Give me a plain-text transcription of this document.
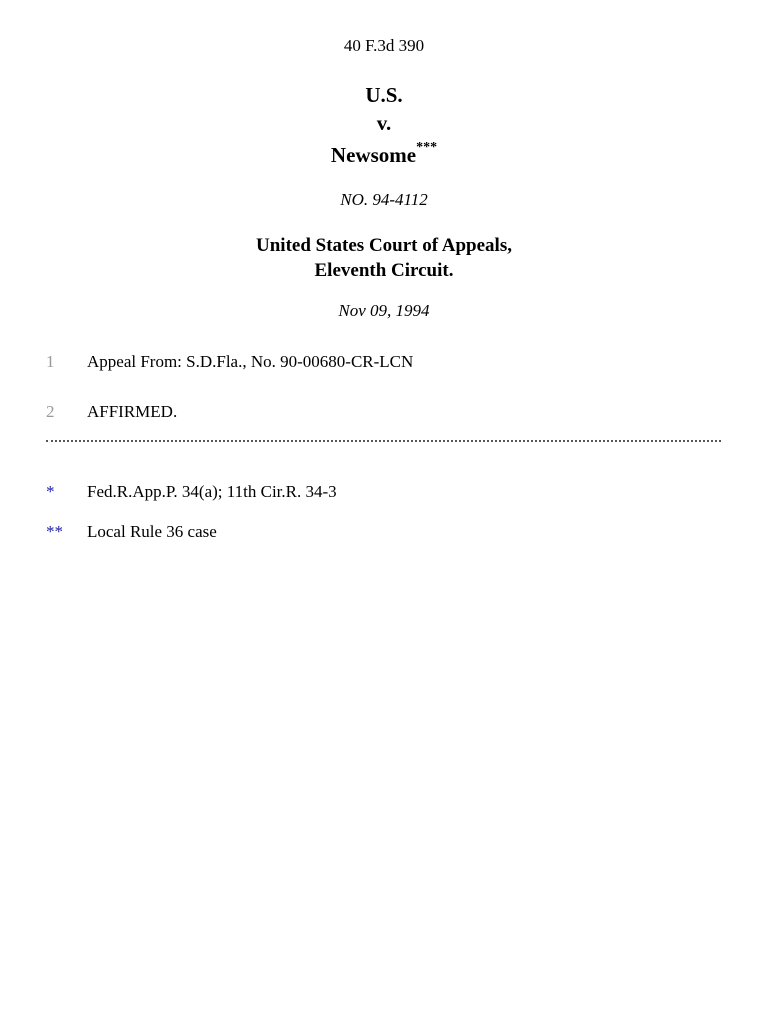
40 F.3d 390
U.S.
v.
Newsome***
NO. 94-4112
United States Court of Appeals,
Eleventh Circuit.
Nov 09, 1994
1 Appeal From: S.D.Fla., No. 90-00680-CR-LCN
2 AFFIRMED.
* Fed.R.App.P. 34(a); 11th Cir.R. 34-3
** Local Rule 36 case
